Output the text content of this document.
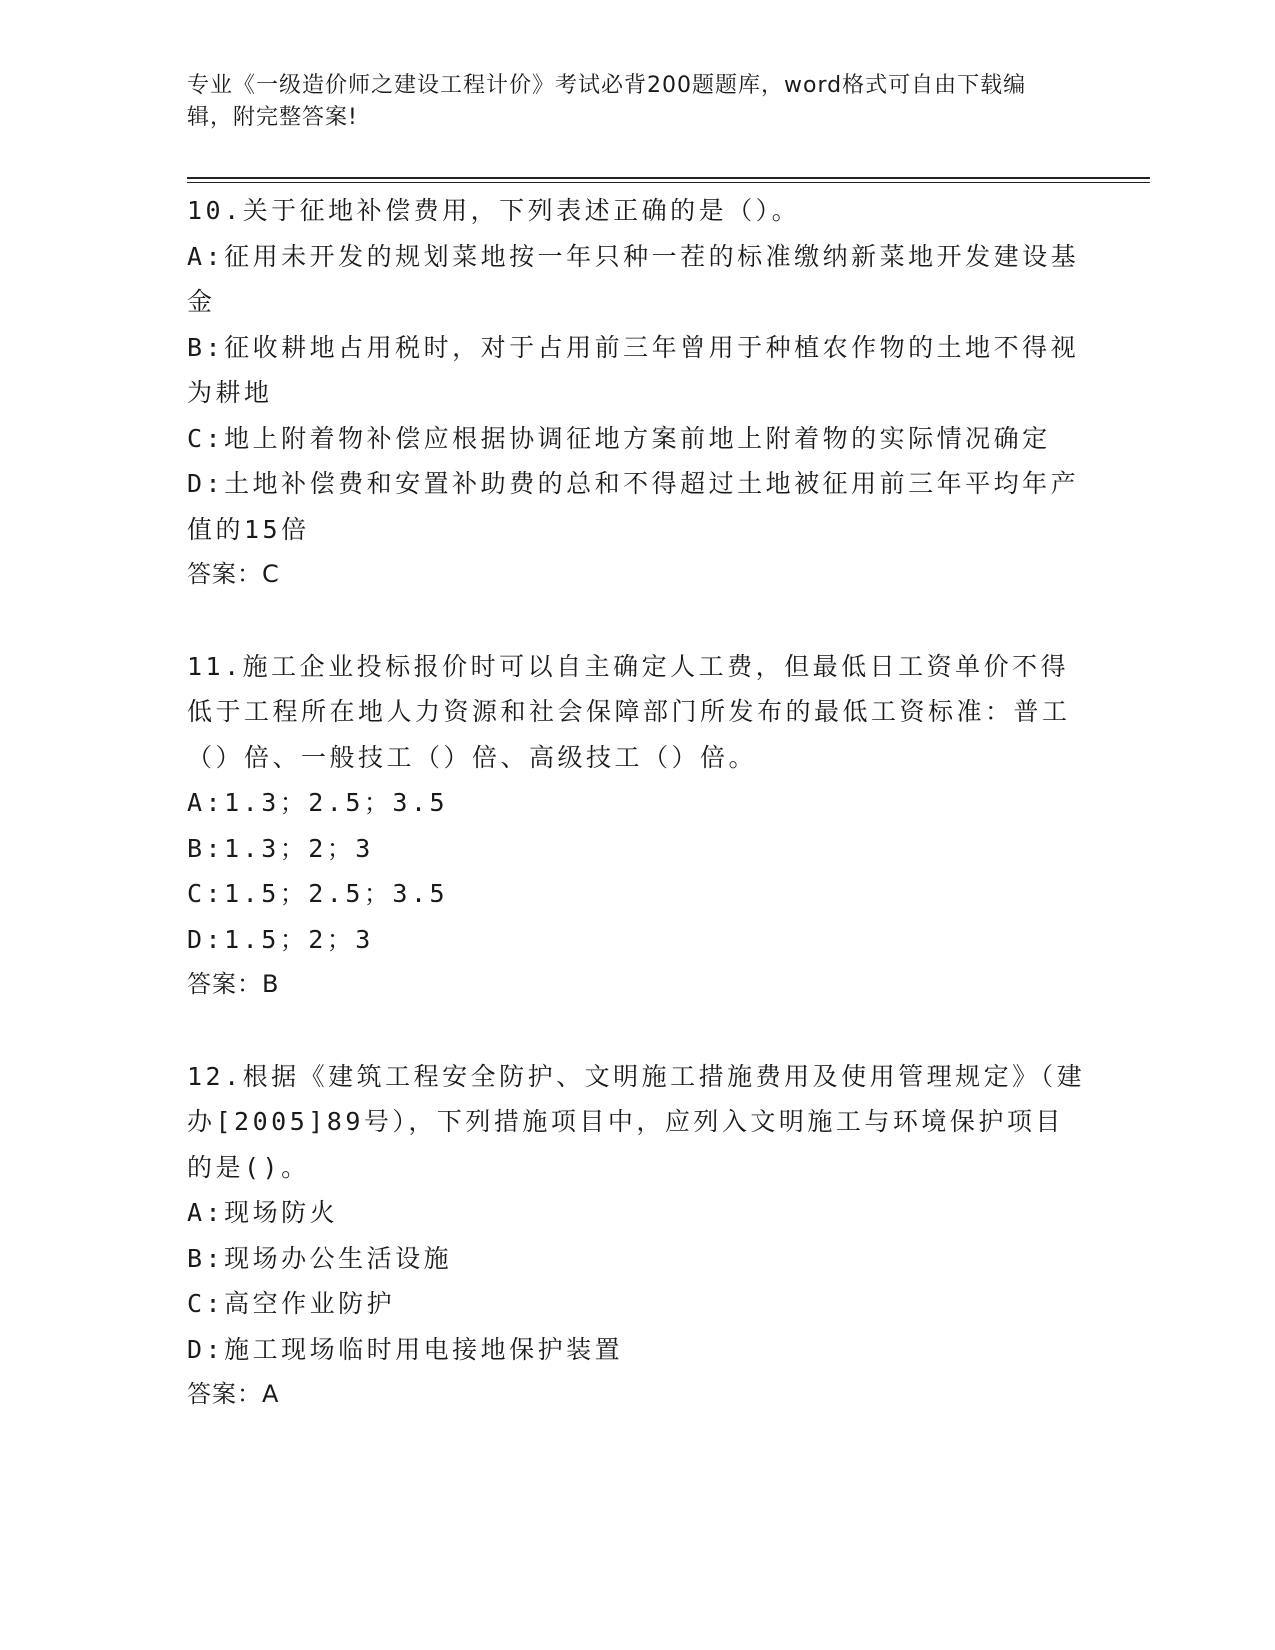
专业《一级造价师之建设工程计价》考试必背200题题库，word格式可自由下载编辑，附完整答案!
10.关于征地补偿费用，下列表述正确的是（）。
A:征用未开发的规划菜地按一年只种一茬的标准缴纳新菜地开发建设基金
B:征收耕地占用税时，对于占用前三年曾用于种植农作物的土地不得视为耕地
C:地上附着物补偿应根据协调征地方案前地上附着物的实际情况确定
D:土地补偿费和安置补助费的总和不得超过土地被征用前三年平均年产值的15倍
答案：C
11.施工企业投标报价时可以自主确定人工费，但最低日工资单价不得低于工程所在地人力资源和社会保障部门所发布的最低工资标准：普工（）倍、一般技工（）倍、高级技工（）倍。
A:1.3；2.5；3.5
B:1.3；2；3
C:1.5；2.5；3.5
D:1.5；2；3
答案：B
12.根据《建筑工程安全防护、文明施工措施费用及使用管理规定》（建办[2005]89号），下列措施项目中，应列入文明施工与环境保护项目的是()。
A:现场防火
B:现场办公生活设施
C:高空作业防护
D:施工现场临时用电接地保护装置
答案：A
